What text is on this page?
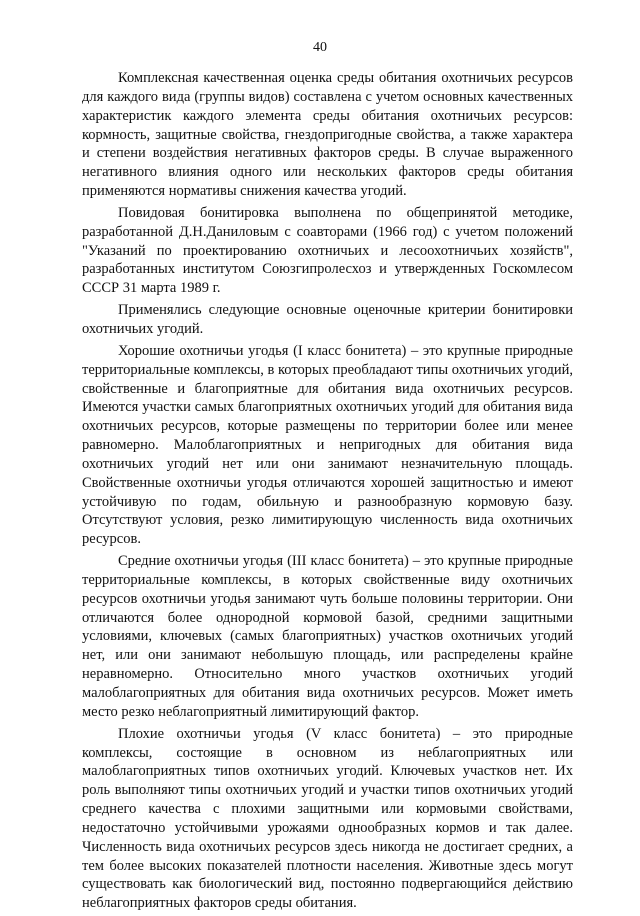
40

Комплексная качественная оценка среды обитания охотничьих ресурсов для каждого вида (группы видов) составлена с учетом основных качественных характеристик каждого элемента среды обитания охотничьих ресурсов: кормность, защитные свойства, гнездопригодные свойства, а также характера и степени воздействия негативных факторов среды. В случае выраженного негативного влияния одного или нескольких факторов среды обитания применяются нормативы снижения качества угодий.

Повидовая бонитировка выполнена по общепринятой методике, разработанной Д.Н.Даниловым с соавторами (1966 год) с учетом положений "Указаний по проектированию охотничьих и лесоохотничьих хозяйств", разработанных институтом Союзгипролесхоз и утвержденных Госкомлесом СССР 31 марта 1989 г.

Применялись следующие основные оценочные критерии бонитировки охотничьих угодий.

Хорошие охотничьи угодья (I класс бонитета) – это крупные природные территориальные комплексы, в которых преобладают типы охотничьих угодий, свойственные и благоприятные для обитания вида охотничьих ресурсов. Имеются участки самых благоприятных охотничьих угодий для обитания вида охотничьих ресурсов, которые размещены по территории более или менее равномерно. Малоблагоприятных и непригодных для обитания вида охотничьих угодий нет или они занимают незначительную площадь. Свойственные охотничьи угодья отличаются хорошей защитностью и имеют устойчивую по годам, обильную и разнообразную кормовую базу. Отсутствуют условия, резко лимитирующую численность вида охотничьих ресурсов.

Средние охотничьи угодья (III класс бонитета) – это крупные природные территориальные комплексы, в которых свойственные виду охотничьих ресурсов охотничьи угодья занимают чуть больше половины территории. Они отличаются более однородной кормовой базой, средними защитными условиями, ключевых (самых благоприятных) участков охотничьих угодий нет, или они занимают небольшую площадь, или распределены крайне неравномерно. Относительно много участков охотничьих угодий малоблагоприятных для обитания вида охотничьих ресурсов. Может иметь место резко неблагоприятный лимитирующий фактор.

Плохие охотничьи угодья (V класс бонитета) – это природные комплексы, состоящие в основном из неблагоприятных или малоблагоприятных типов охотничьих угодий. Ключевых участков нет. Их роль выполняют типы охотничьих угодий и участки типов охотничьих угодий среднего качества с плохими защитными или кормовыми свойствами, недостаточно устойчивыми урожаями однообразных кормов и так далее. Численность вида охотничьих ресурсов здесь никогда не достигает средних, а тем более высоких показателей плотности населения. Животные здесь могут существовать как биологический вид, постоянно подвергающийся действию неблагоприятных факторов среды обитания.
